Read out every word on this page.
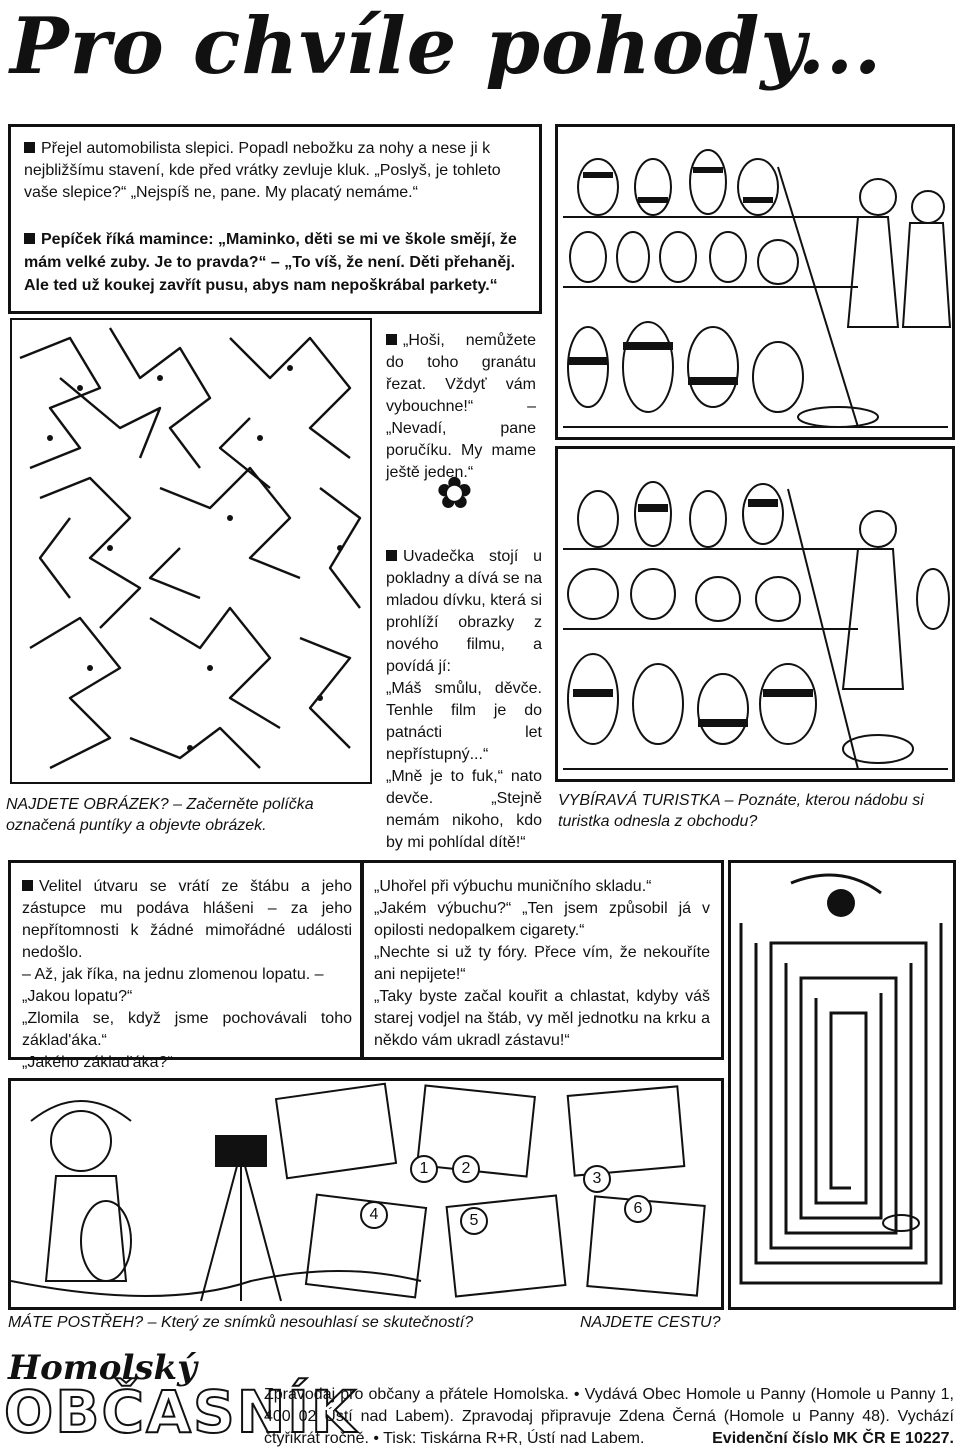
Pro chvíle pohody...
Přejel automobilista slepici. Popadl nebožku za nohy a nese ji k nejbližšímu stavení, kde před vrátky zevluje kluk. „Poslyš, je tohleto vaše slepice?“ „Nejspíš ne, pane. My placatý nemáme.“
Pepíček říká mamince: „Maminko, děti se mi ve škole smějí, že mám velké zuby. Je to pravda?“ – „To víš, že není. Děti přehaněj. Ale ted už koukej zavřít pusu, abys nam nepoškrábal parkety.“
NAJDETE OBRÁZEK? – Začerněte políčka označená puntíky a objevte obrázek.
„Hoši, nemůžete do toho granátu řezat. Vždyť vám vybouchne!“ – „Nevadí, pane poručíku. My mame ještě jeden.“
✿
Uvadečka stojí u pokladny a dívá se na mladou dívku, která si prohlíží obrazky z nového filmu, a povídá jí:
„Máš smůlu, děvče. Tenhle film je do patnácti let nepřístupný...“
„Mně je to fuk,“ nato devče. „Stejně nemám nikoho, kdo by mi pohlídal dítě!“
VYBÍRAVÁ TURISTKA – Poznáte, kterou nádobu si turistka odnesla z obchodu?
Velitel útvaru se vrátí ze štábu a jeho zástupce mu podáva hlášeni – za jeho nepřítomnosti k žádné mimořádné události nedošlo.
– Až, jak říka, na jednu zlomenou lopatu. –
„Jakou lopatu?“
„Zlomila se, když jsme pochovávali toho základ'áka.“
„Jakého základ'áka?“
„Uhořel při výbuchu muničního skladu.“
„Jakém výbuchu?“ „Ten jsem způsobil já v opilosti nedopalkem cigarety.“
„Nechte si už ty fóry. Přece vím, že nekouříte ani nepijete!“
„Taky byste začal kouřit a chlastat, kdyby váš starej vodjel na štáb, vy měl jednotku na krku a někdo vám ukradl zástavu!“
NAJDETE CESTU?
1	2
3
4	5
6
MÁTE POSTŘEH? – Který ze snímků nesouhlasí se skutečností?
Homolský
OBČASNÍK
Zpravodaj pro občany a přátele Homolska. • Vydává Obec Homole u Panny (Homole u Panny 1, 400 02 Ústí nad Labem). Zpravodaj připravuje Zdena Černá (Homole u Panny 48). Vychází čtyřikrát ročně. • Tisk: Tiskárna R+R, Ústí nad Labem.	Evidenční číslo MK ČR E 10227.
